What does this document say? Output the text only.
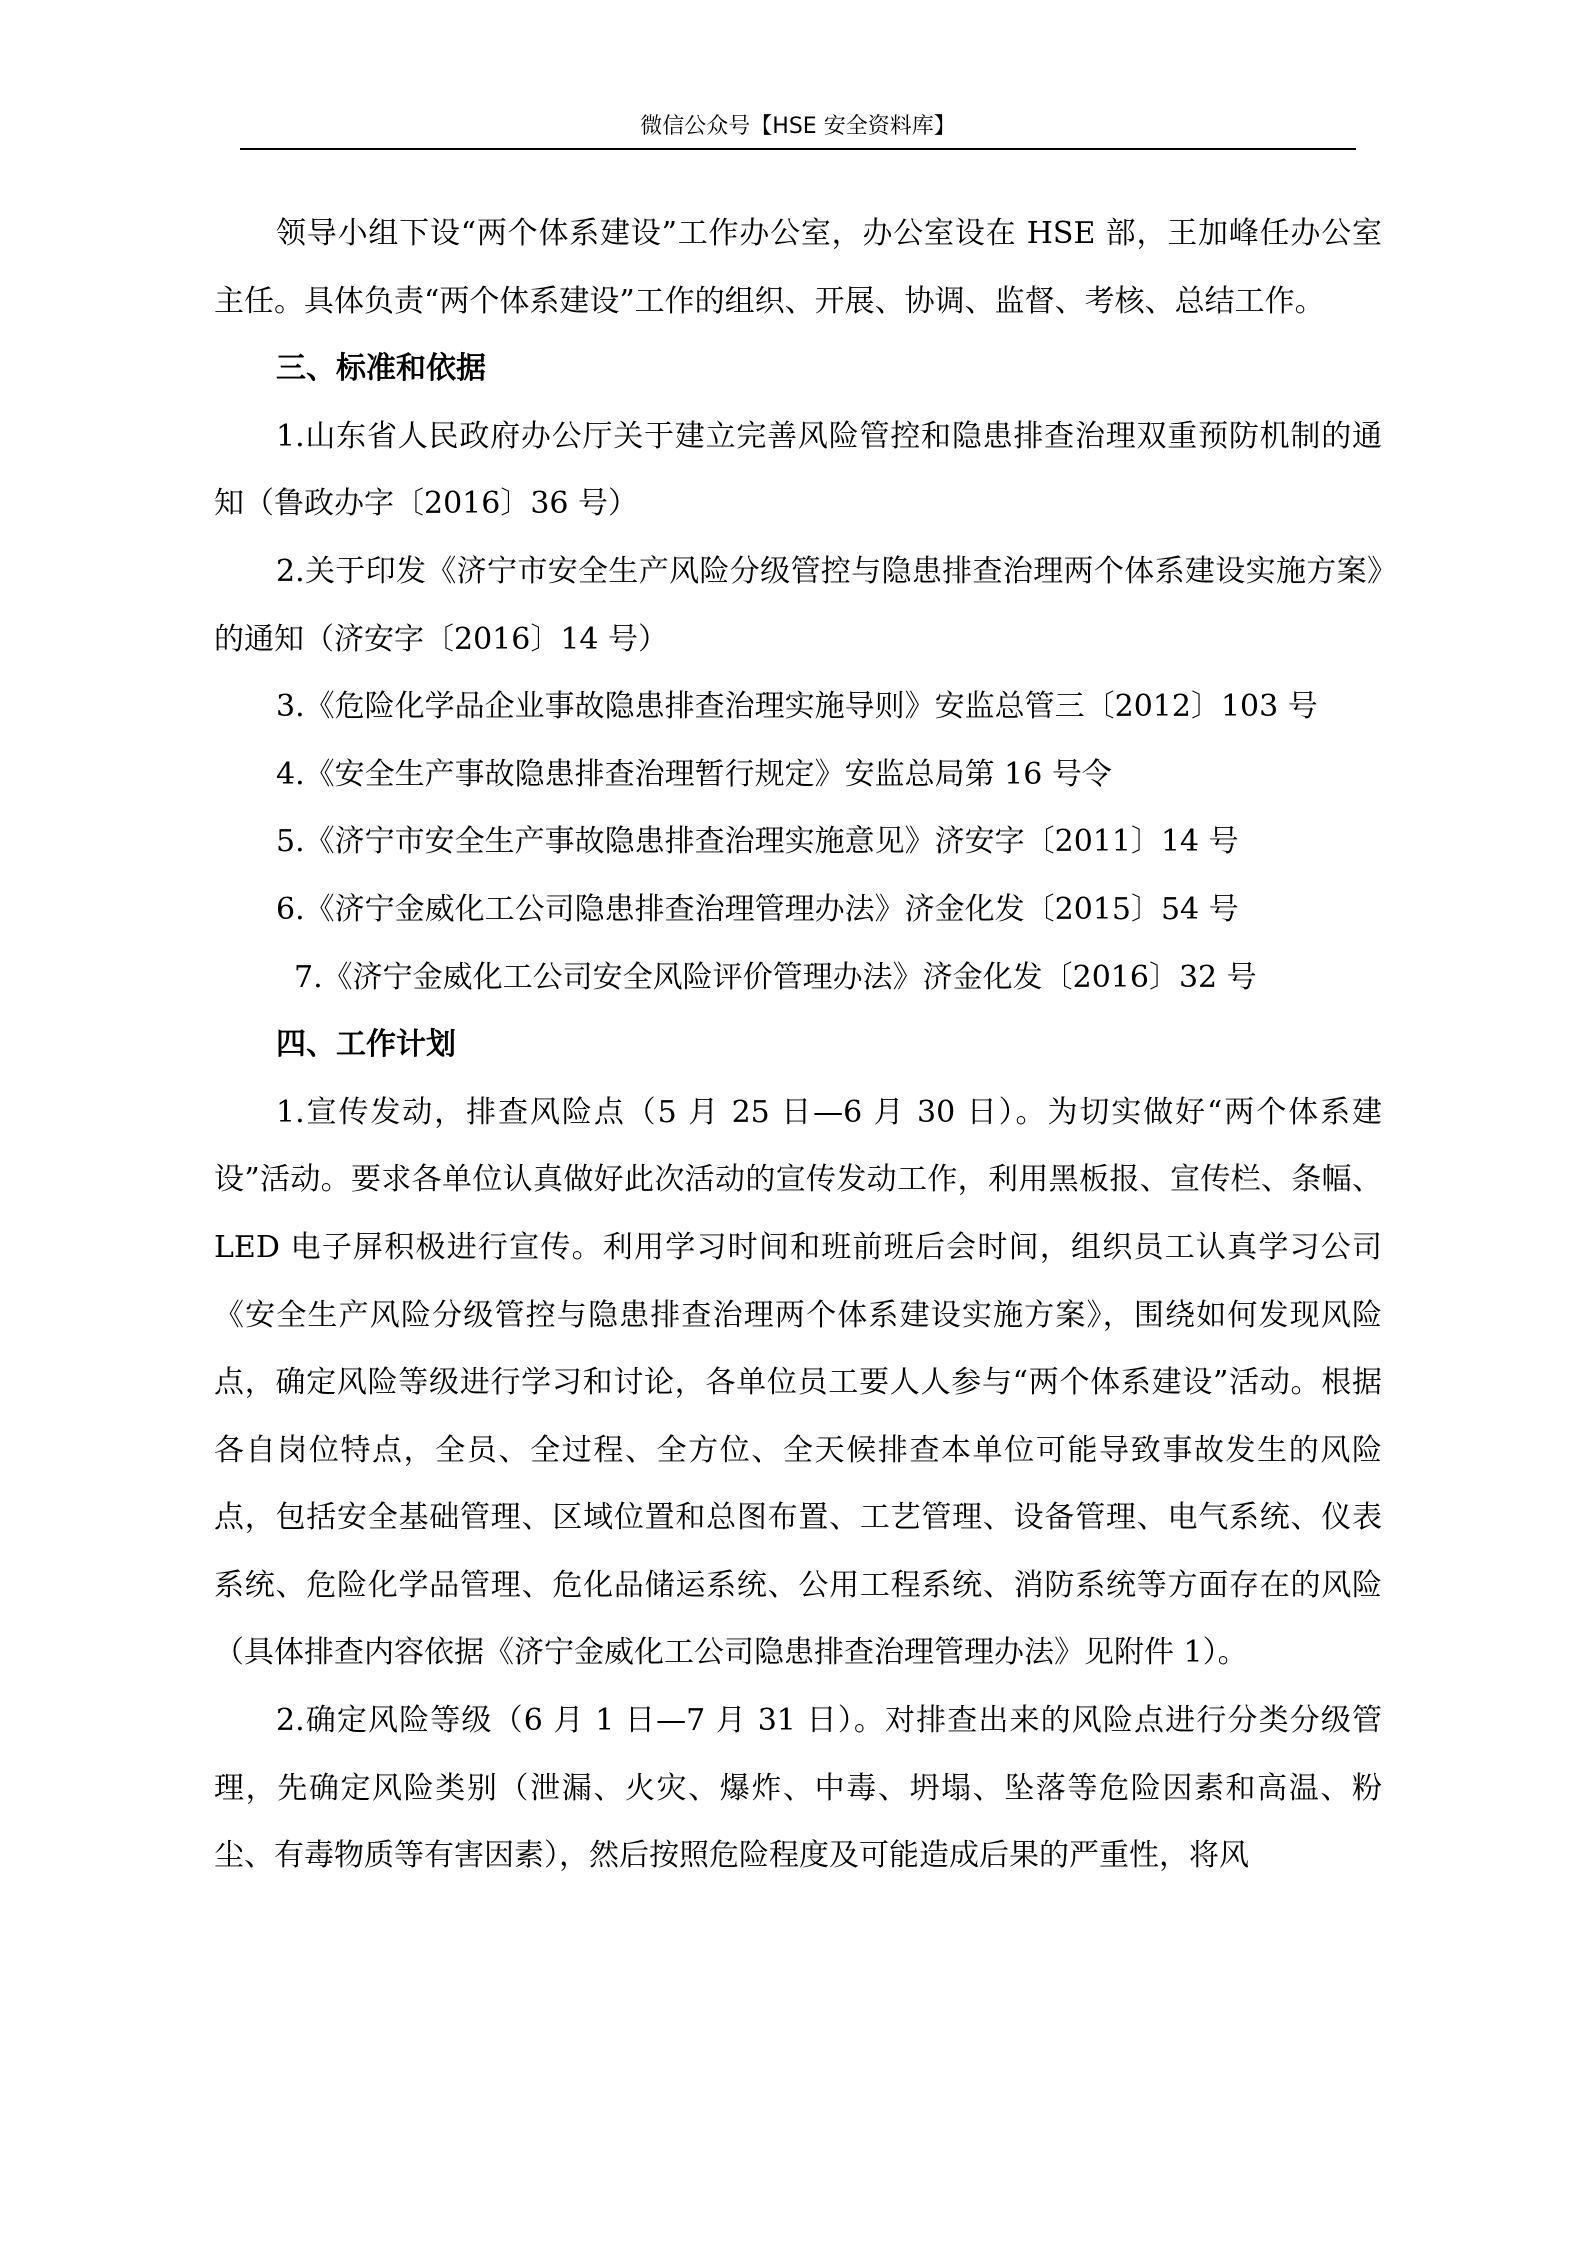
微信公众号【HSE 安全资料库】

领导小组下设“两个体系建设”工作办公室，办公室设在 HSE 部，王加峰任办公室主任。具体负责“两个体系建设”工作的组织、开展、协调、监督、考核、总结工作。

三、标准和依据

1.山东省人民政府办公厅关于建立完善风险管控和隐患排查治理双重预防机制的通知（鲁政办字〔2016〕36 号）

2.关于印发《济宁市安全生产风险分级管控与隐患排查治理两个体系建设实施方案》的通知（济安字〔2016〕14 号）

3.《危险化学品企业事故隐患排查治理实施导则》安监总管三〔2012〕103 号

4.《安全生产事故隐患排查治理暂行规定》安监总局第 16 号令

5.《济宁市安全生产事故隐患排查治理实施意见》济安字〔2011〕14 号

6.《济宁金威化工公司隐患排查治理管理办法》济金化发〔2015〕54 号

7.《济宁金威化工公司安全风险评价管理办法》济金化发〔2016〕32 号

四、工作计划

1.宣传发动，排查风险点（5 月 25 日—6 月 30 日）。为切实做好“两个体系建设”活动。要求各单位认真做好此次活动的宣传发动工作，利用黑板报、宣传栏、条幅、LED 电子屏积极进行宣传。利用学习时间和班前班后会时间，组织员工认真学习公司《安全生产风险分级管控与隐患排查治理两个体系建设实施方案》，围绕如何发现风险点，确定风险等级进行学习和讨论，各单位员工要人人参与“两个体系建设”活动。根据各自岗位特点，全员、全过程、全方位、全天候排查本单位可能导致事故发生的风险点，包括安全基础管理、区域位置和总图布置、工艺管理、设备管理、电气系统、仪表系统、危险化学品管理、危化品储运系统、公用工程系统、消防系统等方面存在的风险（具体排查内容依据《济宁金威化工公司隐患排查治理管理办法》见附件 1）。

2.确定风险等级（6 月 1 日—7 月 31 日）。对排查出来的风险点进行分类分级管理，先确定风险类别（泄漏、火灾、爆炸、中毒、坍塌、坠落等危险因素和高温、粉尘、有毒物质等有害因素），然后按照危险程度及可能造成后果的严重性，将风
